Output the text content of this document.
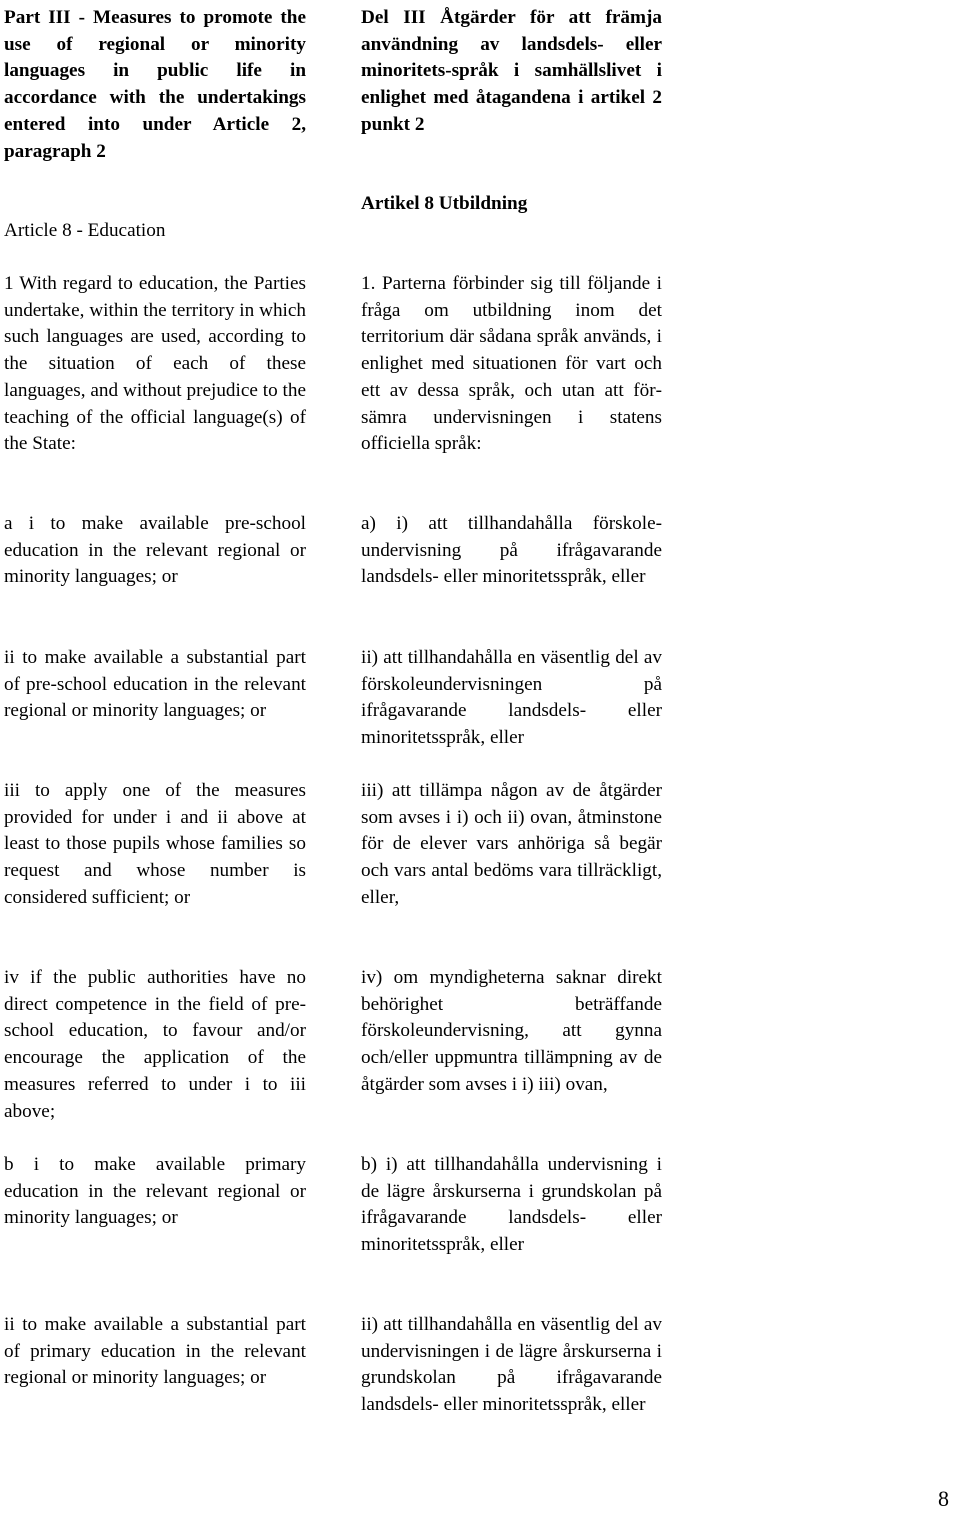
Part III - Measures to promote the use of regional or minority languages in public life in accordance with the undertakings entered into under Article 2, paragraph 2
Article 8 - Education
1 With regard to education, the Parties undertake, within the territory in which such languages are used, according to the situation of each of these languages, and without prejudice to the teaching of the official language(s) of the State:
a i to make available pre-school education in the relevant regional or minority languages; or
ii to make available a substantial part of pre-school education in the relevant regional or minority languages; or
iii to apply one of the measures provided for under i and ii above at least to those pupils whose families so request and whose number is considered sufficient; or
iv if the public authorities have no direct competence in the field of pre-school education, to favour and/or encourage the application of the measures referred to under i to iii above;
b i to make available primary education in the relevant regional or minority languages; or
ii to make available a substantial part of primary education in the relevant regional or minority languages; or
Del III Åtgärder för att främja användning av landsdels- eller minoritets-språk i samhällslivet i enlighet med åtagandena i artikel 2 punkt 2
Artikel 8 Utbildning
1. Parterna förbinder sig till följande i fråga om utbildning inom det territorium där sådana språk används, i enlighet med situationen för vart och ett av dessa språk, och utan att försämra undervisningen i statens officiella språk:
a) i) att tillhandahålla förskoleundervisning på ifrågavarande landsdels- eller minoritetsspråk, eller
ii) att tillhandahålla en väsentlig del av förskoleundervisningen på ifrågavarande landsdels- eller minoritetsspråk, eller
iii) att tillämpa någon av de åtgärder som avses i i) och ii) ovan, åtminstone för de elever vars anhöriga så begär och vars antal bedöms vara tillräckligt, eller,
iv) om myndigheterna saknar direkt behörighet beträffande förskoleundervisning, att gynna och/eller uppmuntra tillämpning av de åtgärder som avses i i) iii) ovan,
b) i) att tillhandahålla undervisning i de lägre årskurserna i grundskolan på ifrågavarande landsdels- eller minoritetsspråk, eller
ii) att tillhandahålla en väsentlig del av undervisningen i de lägre årskurserna i grundskolan på ifrågavarande landsdels- eller minoritetsspråk, eller
8
